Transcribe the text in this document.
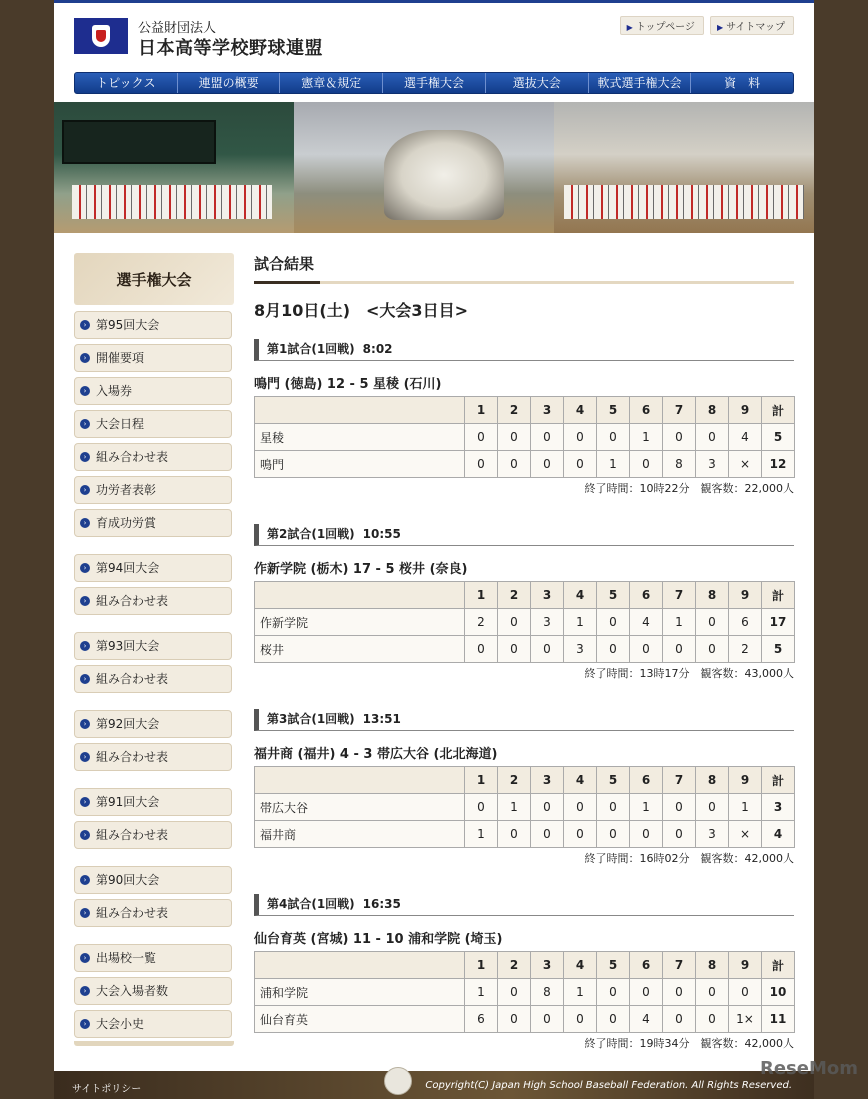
公益財団法人
日本高等学校野球連盟
▶ トップページ	▶ サイトマップ
トピックス	連盟の概要	憲章＆規定	選手権大会	選抜大会	軟式選手権大会	資　料
選手権大会
› 第95回大会
› 開催要項
› 入場券
› 大会日程
› 組み合わせ表
› 功労者表彰
› 育成功労賞
› 第94回大会
› 組み合わせ表
› 第93回大会
› 組み合わせ表
› 第92回大会
› 組み合わせ表
› 第91回大会
› 組み合わせ表
› 第90回大会
› 組み合わせ表
› 出場校一覧
› 大会入場者数
› 大会小史
試合結果
8月10日(土)　<大会3日目>
第1試合(1回戦) 8:02
鳴門 (徳島) 12 - 5 星稜 (石川)
	1	2	3	4	5	6	7	8	9	計
星稜	0	0	0	0	0	1	0	0	4	5
鳴門	0	0	0	0	1	0	8	3	×	12
終了時間：10時22分　観客数：22,000人
第2試合(1回戦) 10:55
作新学院 (栃木) 17 - 5 桜井 (奈良)
	1	2	3	4	5	6	7	8	9	計
作新学院	2	0	3	1	0	4	1	0	6	17
桜井	0	0	0	3	0	0	0	0	2	5
終了時間：13時17分　観客数：43,000人
第3試合(1回戦) 13:51
福井商 (福井) 4 - 3 帯広大谷 (北北海道)
	1	2	3	4	5	6	7	8	9	計
帯広大谷	0	1	0	0	0	1	0	0	1	3
福井商	1	0	0	0	0	0	0	3	×	4
終了時間：16時02分　観客数：42,000人
第4試合(1回戦) 16:35
仙台育英 (宮城) 11 - 10 浦和学院 (埼玉)
	1	2	3	4	5	6	7	8	9	計
浦和学院	1	0	8	1	0	0	0	0	0	10
仙台育英	6	0	0	0	0	4	0	0	1×	11
終了時間：19時34分　観客数：42,000人
サイトポリシー	Copyright(C) Japan High School Baseball Federation. All Rights Reserved.
ReseMom
